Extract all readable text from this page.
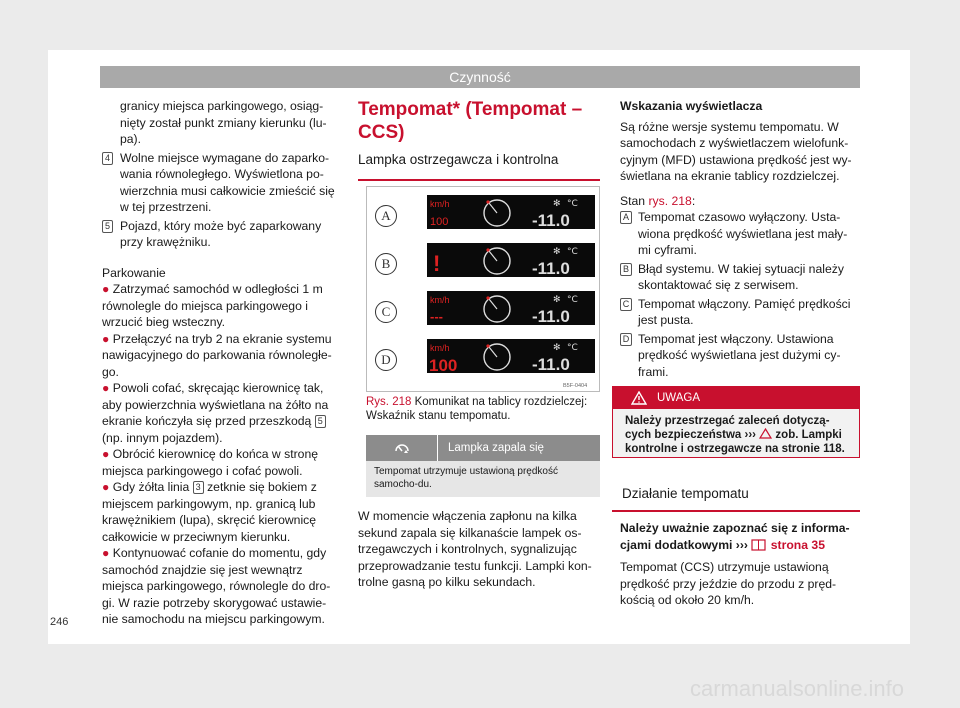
Czynność

granicy miejsca parkingowego, osiąg-nięty został punkt zmiany kierunku (lu-pa).

4 Wolne miejsce wymagane do zaparko-wania równoległego. Wyświetlona po-wierzchnia musi całkowicie zmieścić się w tej przestrzeni.
5 Pojazd, który może być zaparkowany przy krawężniku.

Parkowanie

● Zatrzymać samochód w odległości 1 m równolegle do miejsca parkingowego i wrzucić bieg wsteczny.

● Przełączyć na tryb 2 na ekranie systemu nawigacyjnego do parkowania równoległe-go.

● Powoli cofać, skręcając kierownicę tak, aby powierzchnia wyświetlana na żółto na ekranie kończyła się przed przeszkodą 5 (np. innym pojazdem).

● Obrócić kierownicę do końca w stronę miejsca parkingowego i cofać powoli.

● Gdy żółta linia 3 zetknie się bokiem z miejscem parkingowym, np. granicą lub krawężnikiem (lupa), skręcić kierownicę całkowicie w przeciwnym kierunku.

● Kontynuować cofanie do momentu, gdy samochód znajdzie się jest wewnątrz miejsca parkingowego, równolegle do dro-gi. W razie potrzeby skorygować ustawie-nie samochodu na miejscu parkingowym.

Tempomat* (Tempomat – CCS)
Lampka ostrzegawcza i kontrolna
A
B
C
D
km/h
100
°C
✻
-11.0
!	°C
✻
-11.0
km/h
---
°C
✻
-11.0
km/h
100
°C
✻
-11.0
B5F-0404
Rys. 218 Komunikat na tablicy rozdzielczej: Wskaźnik stanu tempomatu.
Lampka zapala się
Tempomat utrzymuje ustawioną prędkość samocho-du.
W momencie włączenia zapłonu na kilka sekund zapala się kilkanaście lampek os-trzegawczych i kontrolnych, sygnalizując przeprowadzanie testu funkcji. Lampki kon-trolne gasną po kilku sekundach.

Wskazania wyświetlacza

Są różne wersje systemu tempomatu. W samochodach z wyświetlaczem wielofunk-cyjnym (MFD) ustawiona prędkość jest wy-świetlana na ekranie tablicy rozdzielczej.

Stan rys. 218:

A Tempomat czasowo wyłączony. Usta-wiona prędkość wyświetlana jest mały-mi cyframi.
B Błąd systemu. W takiej sytuacji należy skontaktować się z serwisem.
C Tempomat włączony. Pamięć prędkości jest pusta.
D Tempomat jest włączony. Ustawiona prędkość wyświetlana jest dużymi cy-frami.
UWAGA
Należy przestrzegać zaleceń dotyczą-cych bezpieczeństwa ››› zob. Lampki kontrolne i ostrzegawcze na stronie 118.
Działanie tempomatu

Należy uważnie zapoznać się z informa-cjami dodatkowymi ››› strona 35

Tempomat (CCS) utrzymuje ustawioną prędkość przy jeździe do przodu z pręd-kością od około 20 km/h.

246
carmanualsonline.info
